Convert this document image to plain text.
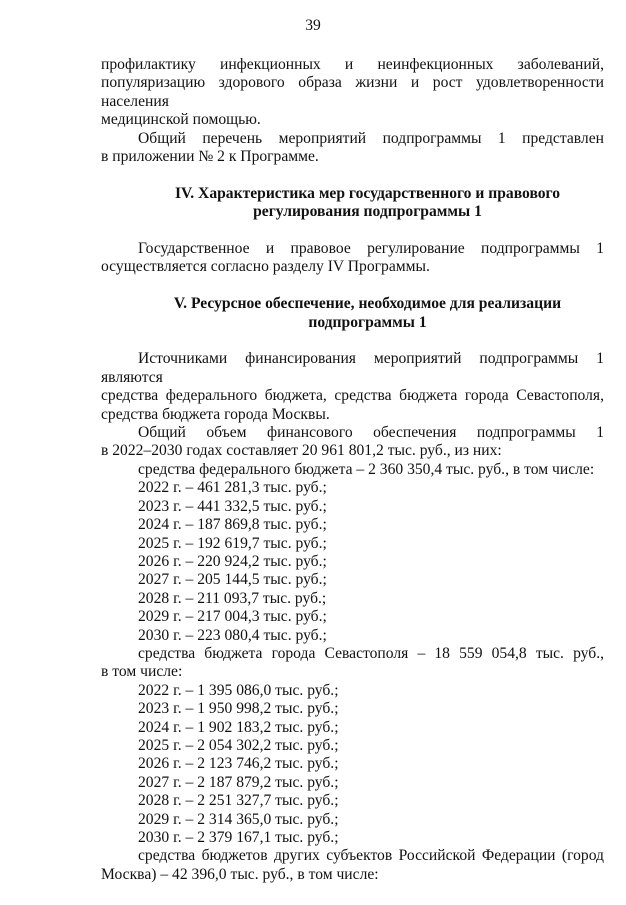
39

профилактику инфекционных и неинфекционных заболеваний,

популяризацию здорового образа жизни и рост удовлетворенности населения

медицинской помощью.

Общий перечень мероприятий подпрограммы 1 представлен

в приложении № 2 к Программе.

IV. Характеристика мер государственного и правового

регулирования подпрограммы 1

Государственное и правовое регулирование подпрограммы 1

осуществляется согласно разделу IV Программы.

V. Ресурсное обеспечение, необходимое для реализации

подпрограммы 1

Источниками финансирования мероприятий подпрограммы 1 являются

средства федерального бюджета, средства бюджета города Севастополя,

средства бюджета города Москвы.

Общий объем финансового обеспечения подпрограммы 1

в 2022–2030 годах составляет 20 961 801,2 тыс. руб., из них:

средства федерального бюджета – 2 360 350,4 тыс. руб., в том числе:

2022 г. – 461 281,3 тыс. руб.;

2023 г. – 441 332,5 тыс. руб.;

2024 г. – 187 869,8 тыс. руб.;

2025 г. – 192 619,7 тыс. руб.;

2026 г. – 220 924,2 тыс. руб.;

2027 г. – 205 144,5 тыс. руб.;

2028 г. – 211 093,7 тыс. руб.;

2029 г. – 217 004,3 тыс. руб.;

2030 г. – 223 080,4 тыс. руб.;

средства бюджета города Севастополя – 18 559 054,8 тыс. руб.,

в том числе:

2022 г. – 1 395 086,0 тыс. руб.;

2023 г. – 1 950 998,2 тыс. руб.;

2024 г. – 1 902 183,2 тыс. руб.;

2025 г. – 2 054 302,2 тыс. руб.;

2026 г. – 2 123 746,2 тыс. руб.;

2027 г. – 2 187 879,2 тыс. руб.;

2028 г. – 2 251 327,7 тыс. руб.;

2029 г. – 2 314 365,0 тыс. руб.;

2030 г. – 2 379 167,1 тыс. руб.;

средства бюджетов других субъектов Российской Федерации (город

Москва) – 42 396,0 тыс. руб., в том числе:
